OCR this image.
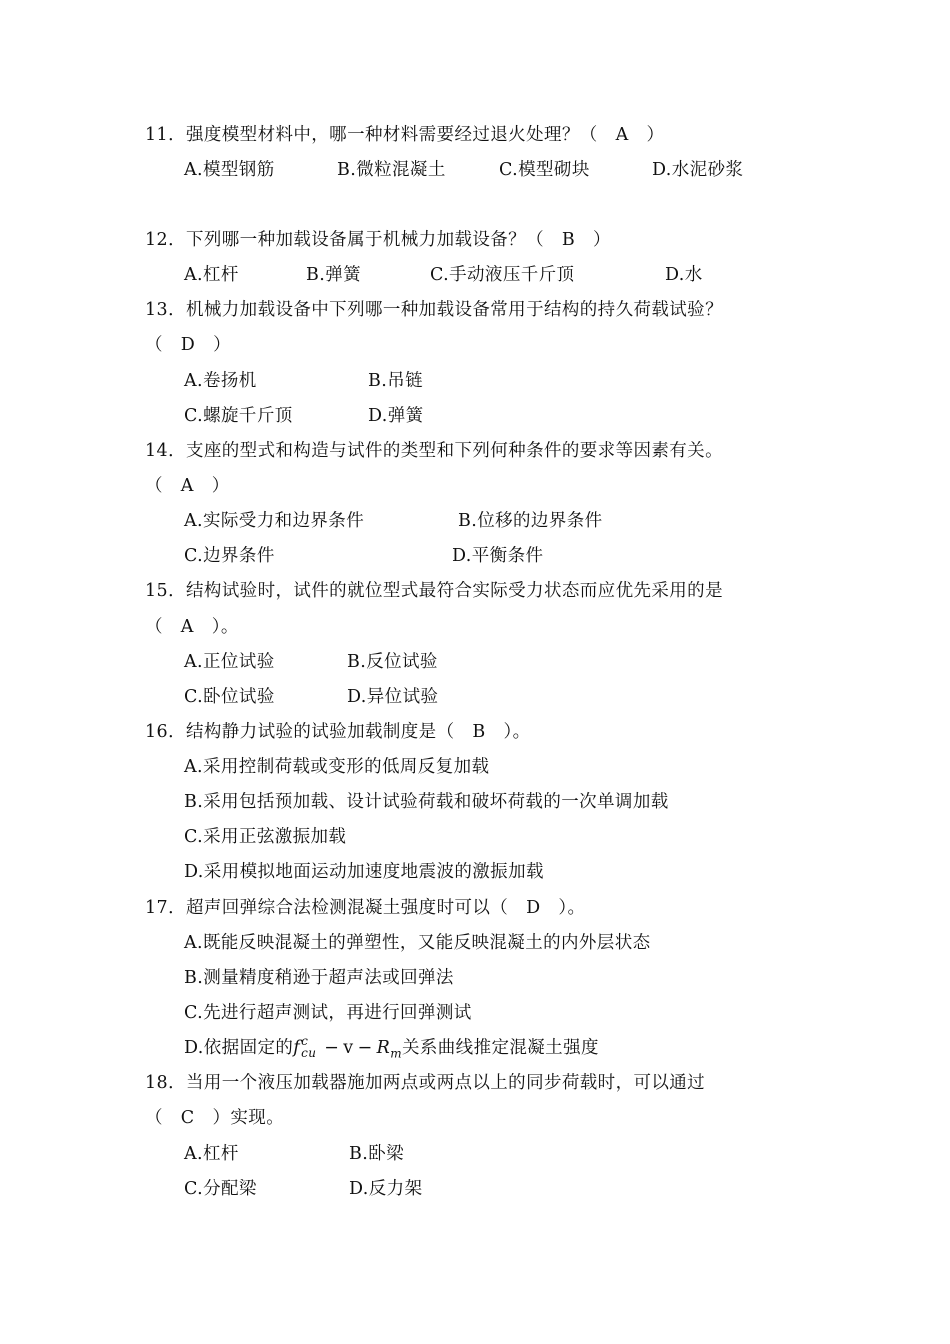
11．强度模型材料中，哪一种材料需要经过退火处理？（　A　）
A.模型钢筋	B.微粒混凝土	C.模型砌块	D.水泥砂浆
12．下列哪一种加载设备属于机械力加载设备？（　B　）
A.杠杆	B.弹簧	C.手动液压千斤顶	D.水
13．机械力加载设备中下列哪一种加载设备常用于结构的持久荷载试验？
（　D　）
A.卷扬机	B.吊链
C.螺旋千斤顶	D.弹簧
14．支座的型式和构造与试件的类型和下列何种条件的要求等因素有关。
（　A　）
A.实际受力和边界条件	B.位移的边界条件
C.边界条件	D.平衡条件
15．结构试验时，试件的就位型式最符合实际受力状态而应优先采用的是
（　A　）。
A.正位试验	B.反位试验
C.卧位试验	D.异位试验
16．结构静力试验的试验加载制度是（　B　）。
A.采用控制荷载或变形的低周反复加载
B.采用包括预加载、设计试验荷载和破坏荷载的一次单调加载
C.采用正弦激振加载
D.采用模拟地面运动加速度地震波的激振加载
17．超声回弹综合法检测混凝土强度时可以（　D　）。
A.既能反映混凝土的弹塑性，又能反映混凝土的内外层状态
B.测量精度稍逊于超声法或回弹法
C.先进行超声测试，再进行回弹测试
D.依据固定的f c
cu − $v - R_m$关系曲线推定混凝土强度
18．当用一个液压加载器施加两点或两点以上的同步荷载时，可以通过
（　C　）实现。
A.杠杆	B.卧梁
C.分配梁	D.反力架
